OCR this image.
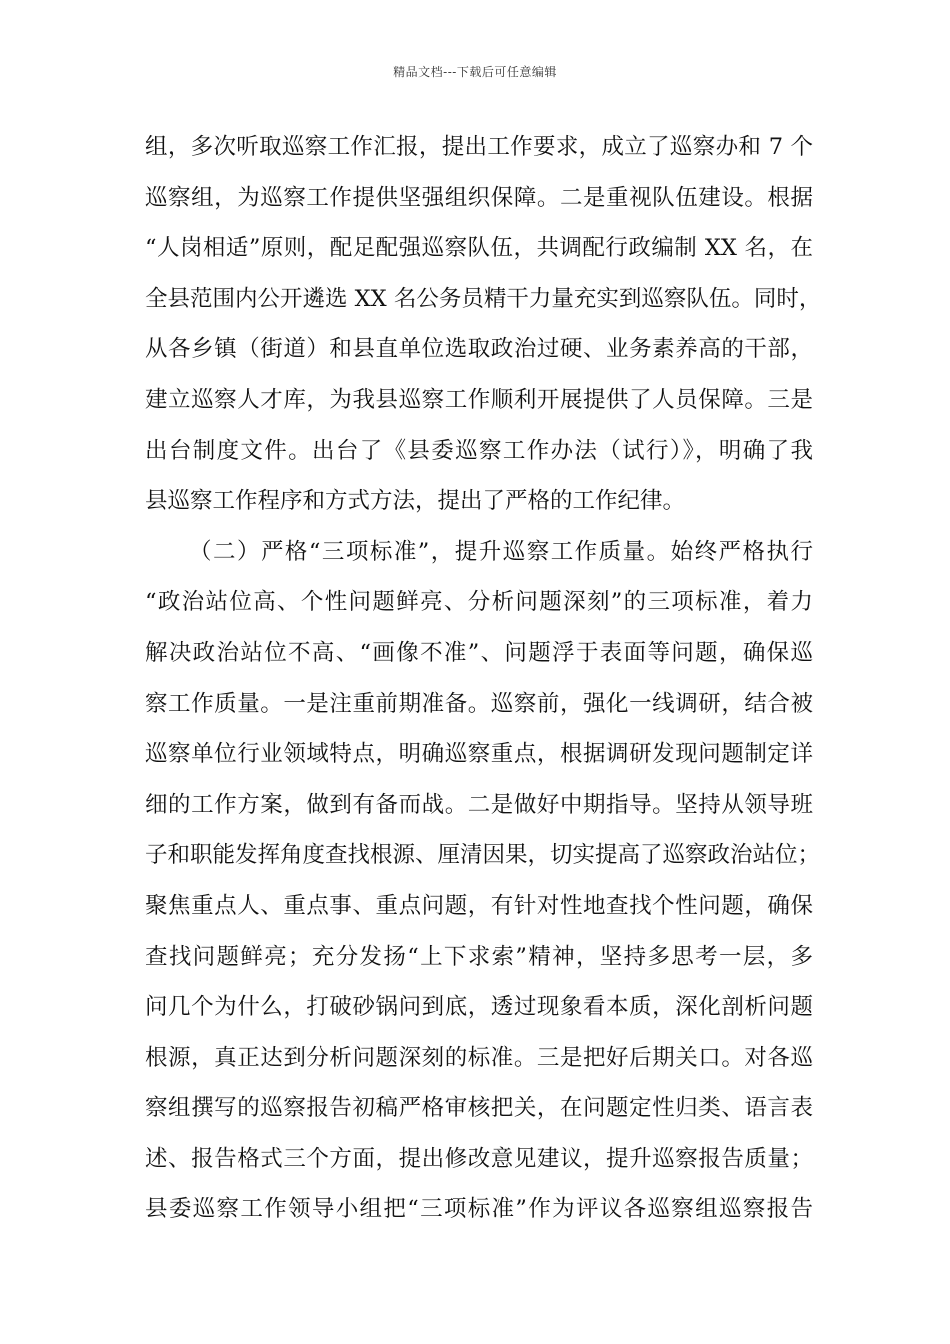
精品文档---下载后可任意编辑
组，多次听取巡察工作汇报，提出工作要求，成立了巡察办和 7 个
巡察组，为巡察工作提供坚强组织保障。二是重视队伍建设。根据
“人岗相适”原则，配足配强巡察队伍，共调配行政编制 XX 名，在
全县范围内公开遴选 XX 名公务员精干力量充实到巡察队伍。同时，
从各乡镇（街道）和县直单位选取政治过硬、业务素养高的干部，
建立巡察人才库，为我县巡察工作顺利开展提供了人员保障。三是
出台制度文件。出台了《县委巡察工作办法（试行）》，明确了我
县巡察工作程序和方式方法，提出了严格的工作纪律。
（二）严格“三项标准”，提升巡察工作质量。始终严格执行
“政治站位高、个性问题鲜亮、分析问题深刻”的三项标准，着力
解决政治站位不高、“画像不准”、问题浮于表面等问题，确保巡
察工作质量。一是注重前期准备。巡察前，强化一线调研，结合被
巡察单位行业领域特点，明确巡察重点，根据调研发现问题制定详
细的工作方案，做到有备而战。二是做好中期指导。坚持从领导班
子和职能发挥角度查找根源、厘清因果，切实提高了巡察政治站位；
聚焦重点人、重点事、重点问题，有针对性地查找个性问题，确保
查找问题鲜亮；充分发扬“上下求索”精神，坚持多思考一层，多
问几个为什么，打破砂锅问到底，透过现象看本质，深化剖析问题
根源，真正达到分析问题深刻的标准。三是把好后期关口。对各巡
察组撰写的巡察报告初稿严格审核把关，在问题定性归类、语言表
述、报告格式三个方面，提出修改意见建议，提升巡察报告质量；
县委巡察工作领导小组把“三项标准”作为评议各巡察组巡察报告
